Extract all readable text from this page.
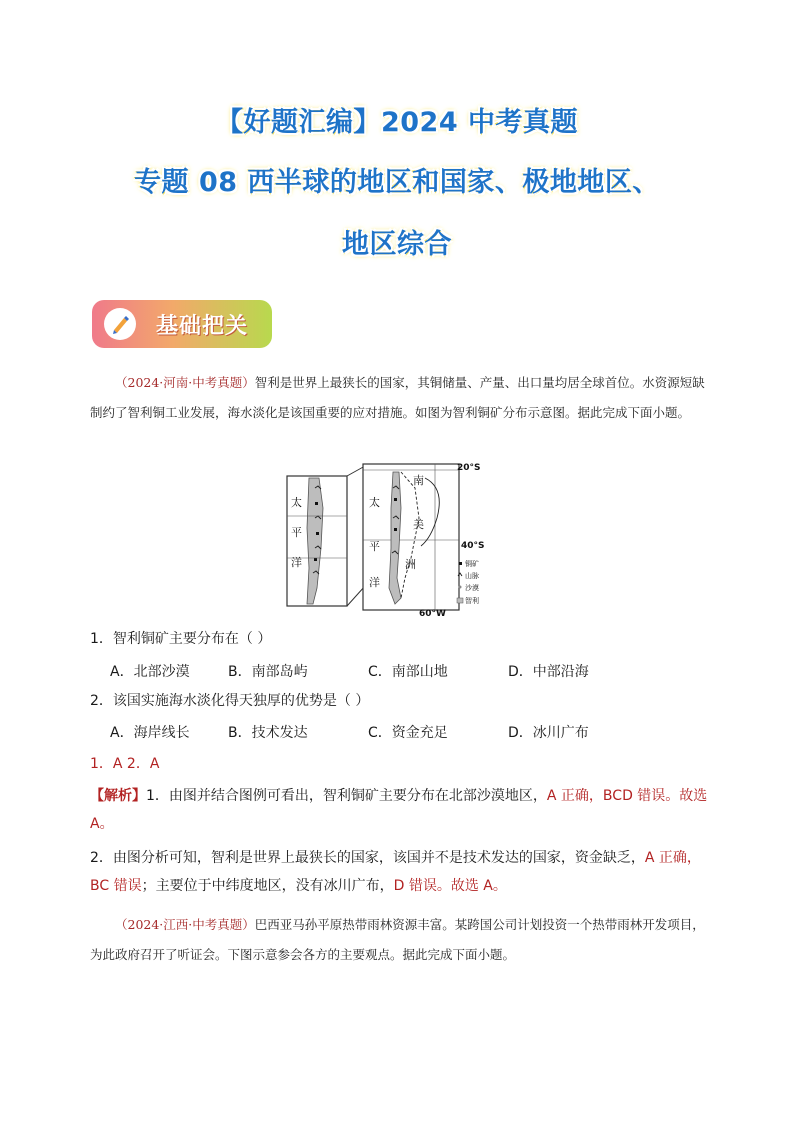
【好题汇编】2024 中考真题
专题 08 西半球的地区和国家、极地地区、
地区综合
基础把关
（2024·河南·中考真题）智利是世界上最狭长的国家，其铜储量、产量、出口量均居全球首位。水资源短缺制约了智利铜工业发展，海水淡化是该国重要的应对措施。如图为智利铜矿分布示意图。据此完成下面小题。
太
平
洋
南
美
洲
太
平
洋
20°S
40°S
60°W
铜矿
山脉
沙漠
智利
1．智利铜矿主要分布在（ ）
A．北部沙漠	B．南部岛屿	C．南部山地	D．中部沿海
2．该国实施海水淡化得天独厚的优势是（ ）
A．海岸线长	B．技术发达	C．资金充足	D．冰川广布
1．A 2．A
【解析】1．由图并结合图例可看出，智利铜矿主要分布在北部沙漠地区，A 正确，BCD 错误。故选 A。
2．由图分析可知，智利是世界上最狭长的国家，该国并不是技术发达的国家，资金缺乏，A 正确，BC 错误；主要位于中纬度地区，没有冰川广布，D 错误。故选 A。
（2024·江西·中考真题）巴西亚马孙平原热带雨林资源丰富。某跨国公司计划投资一个热带雨林开发项目，为此政府召开了听证会。下图示意参会各方的主要观点。据此完成下面小题。
